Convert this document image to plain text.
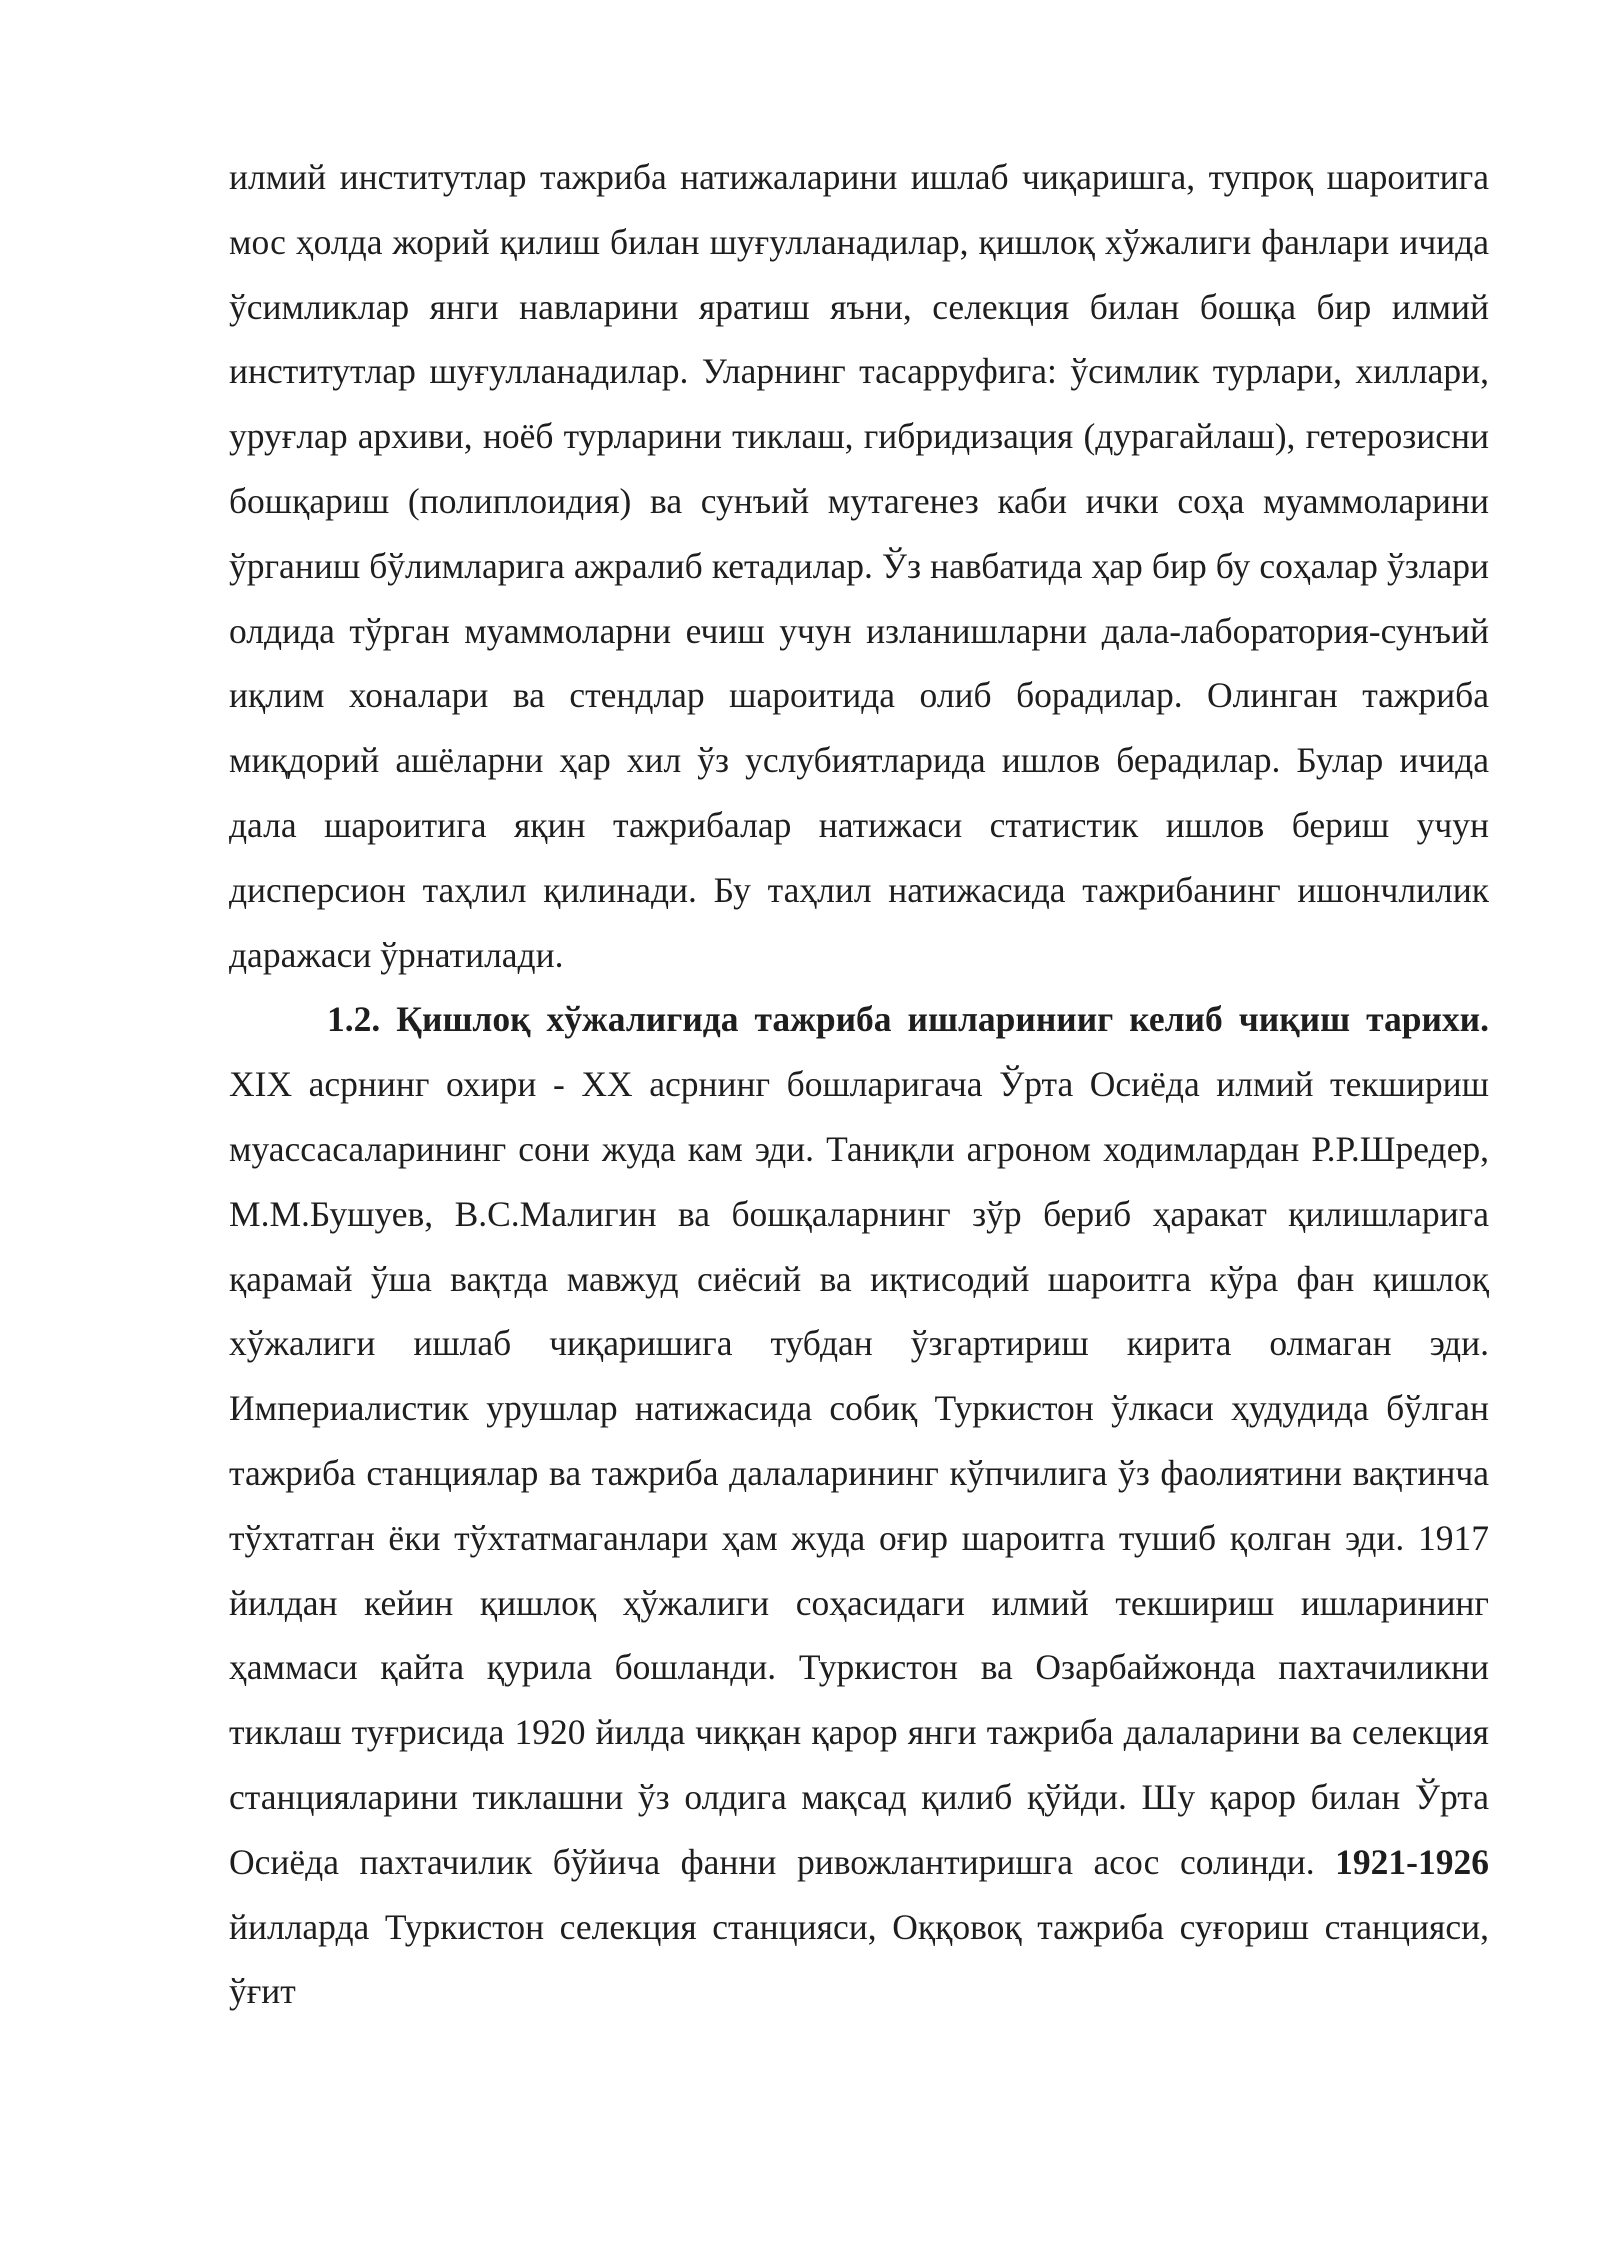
илмий институтлар тажриба натижаларини ишлаб чиқаришга, тупроқ шароитига мос ҳолда жорий қилиш билан шуғулланадилар, қишлоқ хўжалиги фанлари ичида ўсимликлар янги навларини яратиш яъни, селекция билан бошқа бир илмий институтлар шуғулланадилар. Уларнинг тасарруфига: ўсимлик турлари, хиллари, уруғлар архиви, ноёб турларини тиклаш, гибридизация (дурагайлаш), гетерозисни бошқариш (полиплоидия) ва сунъий мутагенез каби ички соҳа муаммоларини ўрганиш бўлимларига ажралиб кетадилар. Ўз навбатида ҳар бир бу соҳалар ўзлари олдида тўрган муаммоларни ечиш учун изланишларни дала-лаборатория-сунъий иқлим хоналари ва стендлар шароитида олиб борадилар. Олинган тажриба миқдорий ашёларни ҳар хил ўз услубиятларида ишлов берадилар. Булар ичида дала шароитига яқин тажрибалар натижаси статистик ишлов бериш учун дисперсион таҳлил қилинади. Бу таҳлил натижасида тажрибанинг ишончлилик даражаси ўрнатилади.

1.2. Қишлоқ хўжалигида тажриба ишларинииг келиб чиқиш тарихи. XIX асрнинг охири - XX асрнинг бошларигача Ўрта Осиёда илмий текшириш муассасаларининг сони жуда кам эди. Таниқли агроном ходимлардан Р.Р.Шредер, М.М.Бушуев, В.С.Малигин ва бошқаларнинг зўр бериб ҳаракат қилишларига қарамай ўша вақтда мавжуд сиёсий ва иқтисодий шароитга кўра фан қишлоқ хўжалиги ишлаб чиқаришига тубдан ўзгартириш кирита олмаган эди. Империалистик урушлар натижасида собиқ Туркистон ўлкаси ҳудудида бўлган тажриба станциялар ва тажриба далаларининг кўпчилига ўз фаолиятини вақтинча тўхтатган ёки тўхтатмаганлари ҳам жуда оғир шароитга тушиб қолган эди. 1917 йилдан кейин қишлоқ ҳўжалиги соҳасидаги илмий текшириш ишларининг ҳаммаси қайта қурила бошланди. Туркистон ва Озарбайжонда пахтачиликни тиклаш туғрисида 1920 йилда чиққан қарор янги тажриба далаларини ва селекция станцияларини тиклашни ўз олдига мақсад қилиб қўйди. Шу қарор билан Ўрта Осиёда пахтачилик бўйича фанни ривожлантиришга асос солинди. 1921-1926 йилларда Туркистон селекция станцияси, Оққовоқ тажриба суғориш станцияси, ўғит
